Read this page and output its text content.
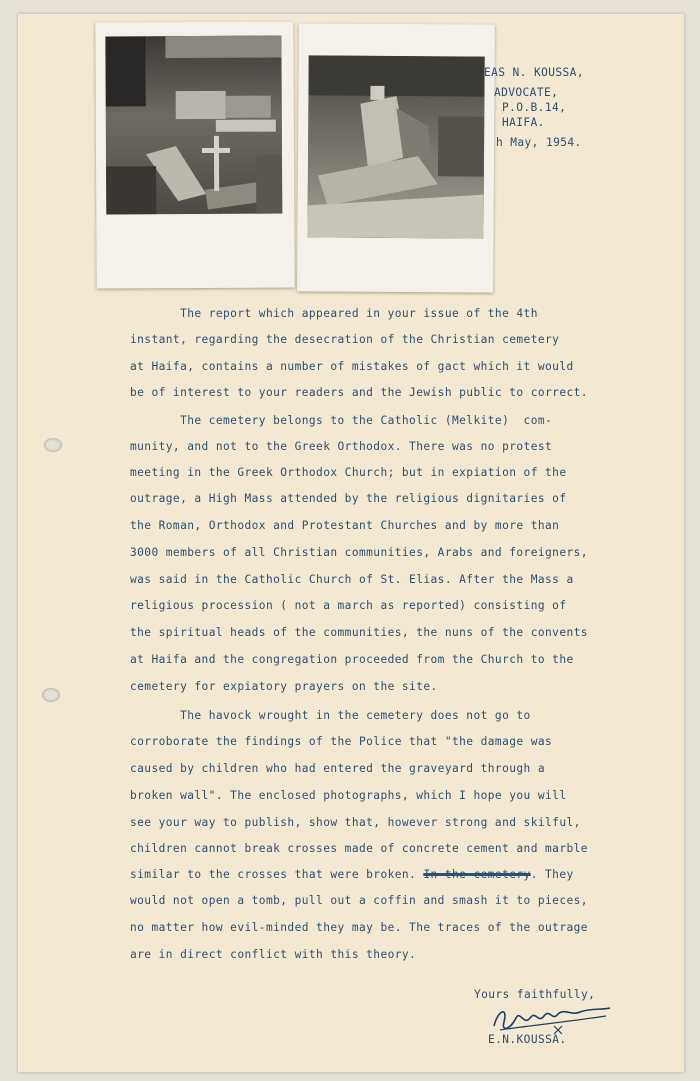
EAS N. KOUSSA,
ADVOCATE,
P.O.B.14,
HAIFA.
h May, 1954.
The report which appeared in your issue of the 4th
instant, regarding the desecration of the Christian cemetery
at Haifa, contains a number of mistakes of gact which it would
be of interest to your readers and the Jewish public to correct.
The cemetery belongs to the Catholic (Melkite)  com-
munity, and not to the Greek Orthodox. There was no protest
meeting in the Greek Orthodox Church; but in expiation of the
outrage, a High Mass attended by the religious dignitaries of
the Roman, Orthodox and Protestant Churches and by more than
3000 members of all Christian communities, Arabs and foreigners,
was said in the Catholic Church of St. Elias. After the Mass a
religious procession ( not a march as reported) consisting of
the spiritual heads of the communities, the nuns of the convents
at Haifa and the congregation proceeded from the Church to the
cemetery for expiatory prayers on the site.
The havock wrought in the cemetery does not go to
corroborate the findings of the Police that "the damage was
caused by children who had entered the graveyard through a
broken wall". The enclosed photographs, which I hope you will
see your way to publish, show that, however strong and skilful,
children cannot break crosses made of concrete cement and marble
similar to the crosses that were broken. In the cemetery. They
would not open a tomb, pull out a coffin and smash it to pieces,
no matter how evil-minded they may be. The traces of the outrage
are in direct conflict with this theory.
Yours faithfully,
E.N.KOUSSA.
